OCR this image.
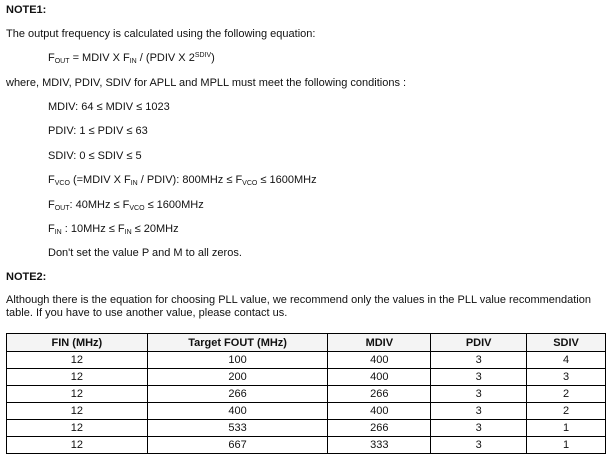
NOTE1:
The output frequency is calculated using the following equation:
$F_{OUT}$ = MDIV X $F_{IN}$ / (PDIV X $2^{SDIV}$)
where, MDIV, PDIV, SDIV for APLL and MPLL must meet the following conditions :
MDIV: 64 ≤ MDIV ≤ 1023
PDIV: 1 ≤ PDIV ≤ 63
SDIV: 0 ≤ SDIV ≤ 5
$F_{VCO}$ (=MDIV X $F_{IN}$ / PDIV): $800MHz \le F_{VCO} \le 1600MHz$
$F_{OUT}$: $40MHz \le F_{VCO} \le 1600MHz$
$F_{IN}$ : $10MHz \le F_{IN} \le 20MHz$
Don't set the value P and M to all zeros.
NOTE2:
Although there is the equation for choosing PLL value, we recommend only the values in the PLL value recommendation table. If you have to use another value, please contact us.
FIN (MHz)	Target FOUT (MHz)	MDIV	PDIV	SDIV
12	100	400	3	4
12	200	400	3	3
12	266	266	3	2
12	400	400	3	2
12	533	266	3	1
12	667	333	3	1
